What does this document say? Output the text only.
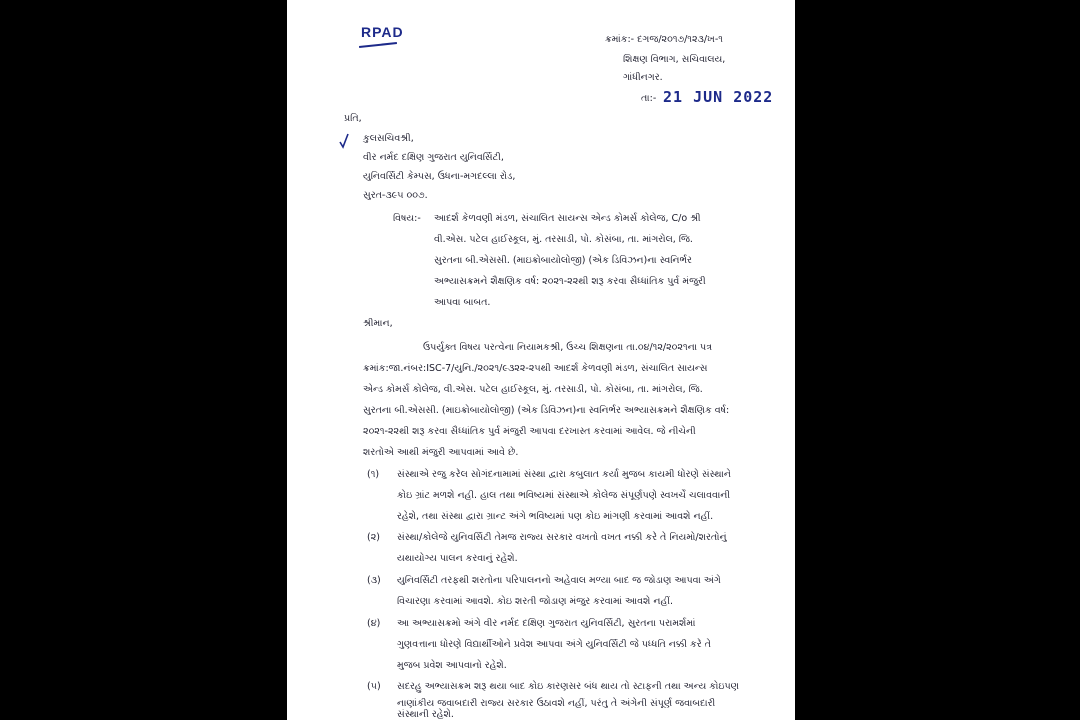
RPAD	ક્રમાંક:- દગજ/૨૦૧૭/૧૨૩/ખ-૧
શિક્ષણ વિભાગ, સચિવાલય,
ગાંધીનગર.
તા:- 21 JUN 2022
પ્રતિ,
કુલસચિવશ્રી,
વીર નર્મદ દક્ષિણ ગુજરાત યુનિવર્સિટી,
યુનિવર્સિટી કેમ્પસ, ઉધના-મગદલ્લા રોડ,
સુરત-૩૯૫ ૦૦૭.
વિષય:- આદર્શ કેળવણી મંડળ, સંચાલિત સાયન્સ એન્ડ કોમર્સ કોલેજ, C/o શ્રી
વી.એસ. પટેલ હાઈસ્કૂલ, મું. તરસાડી, પો. કોસંબા, તા. માંગરોલ, જિ.
સુરતના બી.એસસી. (માઇક્રોબાયોલોજી) (એક ડિવિઝન)ના સ્વનિર્ભર
અભ્યાસક્રમને શૈક્ષણિક વર્ષ: ૨૦૨૧-૨૨થી શરૂ કરવા સૈધ્ધાંતિક પુર્વ મંજુરી
આપવા બાબત.
શ્રીમાન,
ઉપર્યુક્ત વિષય પરત્વેના નિયામકશ્રી, ઉચ્ચ શિક્ષણના તા.૦૪/૧૨/૨૦૨૧ના પત્ર
ક્રમાંક:જા.નંબર:ISC-7/યુનિ./૨૦૨૧/૯૩૨૨-૨૫થી આદર્શ કેળવણી મંડળ, સંચાલિત સાયન્સ
એન્ડ કોમર્સ કોલેજ, વી.એસ. પટેલ હાઈસ્કૂલ, મું. તરસાડી, પો. કોસંબા, તા. માંગરોલ, જિ.
સુરતના બી.એસસી. (માઇક્રોબાયોલોજી) (એક ડિવિઝન)ના સ્વનિર્ભર અભ્યાસક્રમને શૈક્ષણિક વર્ષ:
૨૦૨૧-૨૨થી શરૂ કરવા સૈધ્ધાંતિક પુર્વ મંજુરી આપવા દરખાસ્ત કરવામાં આવેલ. જે નીચેની
શરતોએ આથી મંજુરી આપવામાં આવે છે.
(૧) સંસ્થાએ રજુ કરેલ સોગંદનામામાં સંસ્થા દ્વારા કબુલાત કર્યા મુજબ કાયમી ધોરણે સંસ્થાને
કોઇ ગ્રાંટ મળશે નહી. હાલ તથા ભવિષ્યમાં સંસ્થાએ કોલેજ સંપૂર્ણપણે સ્વખર્ચે ચલાવવાની
રહેશે, તથા સંસ્થા દ્વારા ગ્રાન્ટ અંગે ભવિષ્યમાં પણ કોઇ માંગણી કરવામાં આવશે નહીં.
(૨) સંસ્થા/કોલેજે યુનિવર્સિટી તેમજ રાજ્ય સરકાર વખતો વખત નક્કી કરે તે નિયમો/શરતોનું
યથાયોગ્ય પાલન કરવાનું રહેશે.
(૩) યુનિવર્સિટી તરફથી શરતોના પરિપાલનનો અહેવાલ મળ્યા બાદ જ જોડાણ આપવા અંગે
વિચારણા કરવામાં આવશે. કોઇ શરતી જોડાણ મંજુર કરવામાં આવશે નહીં.
(૪) આ અભ્યાસક્રમો અંગે વીર નર્મદ દક્ષિણ ગુજરાત યુનિવર્સિટી, સુરતના પરામર્શમાં
ગુણવત્તાના ધોરણે વિદ્યાર્થીઓને પ્રવેશ આપવા અંગે યુનિવર્સિટી જે પધ્ધતિ નક્કી કરે તે
મુજબ પ્રવેશ આપવાનો રહેશે.
(૫) સદરહુ અભ્યાસક્રમ શરૂ થયા બાદ કોઇ કારણસર બંધ થાય તો સ્ટાફની તથા અન્ય કોઇપણ
નાણાંકીય જવાબદારી રાજ્ય સરકાર ઉઠાવશે નહીં, પરંતુ તે અંગેની સંપૂર્ણ જવાબદારી
સંસ્થાની રહેશે.
